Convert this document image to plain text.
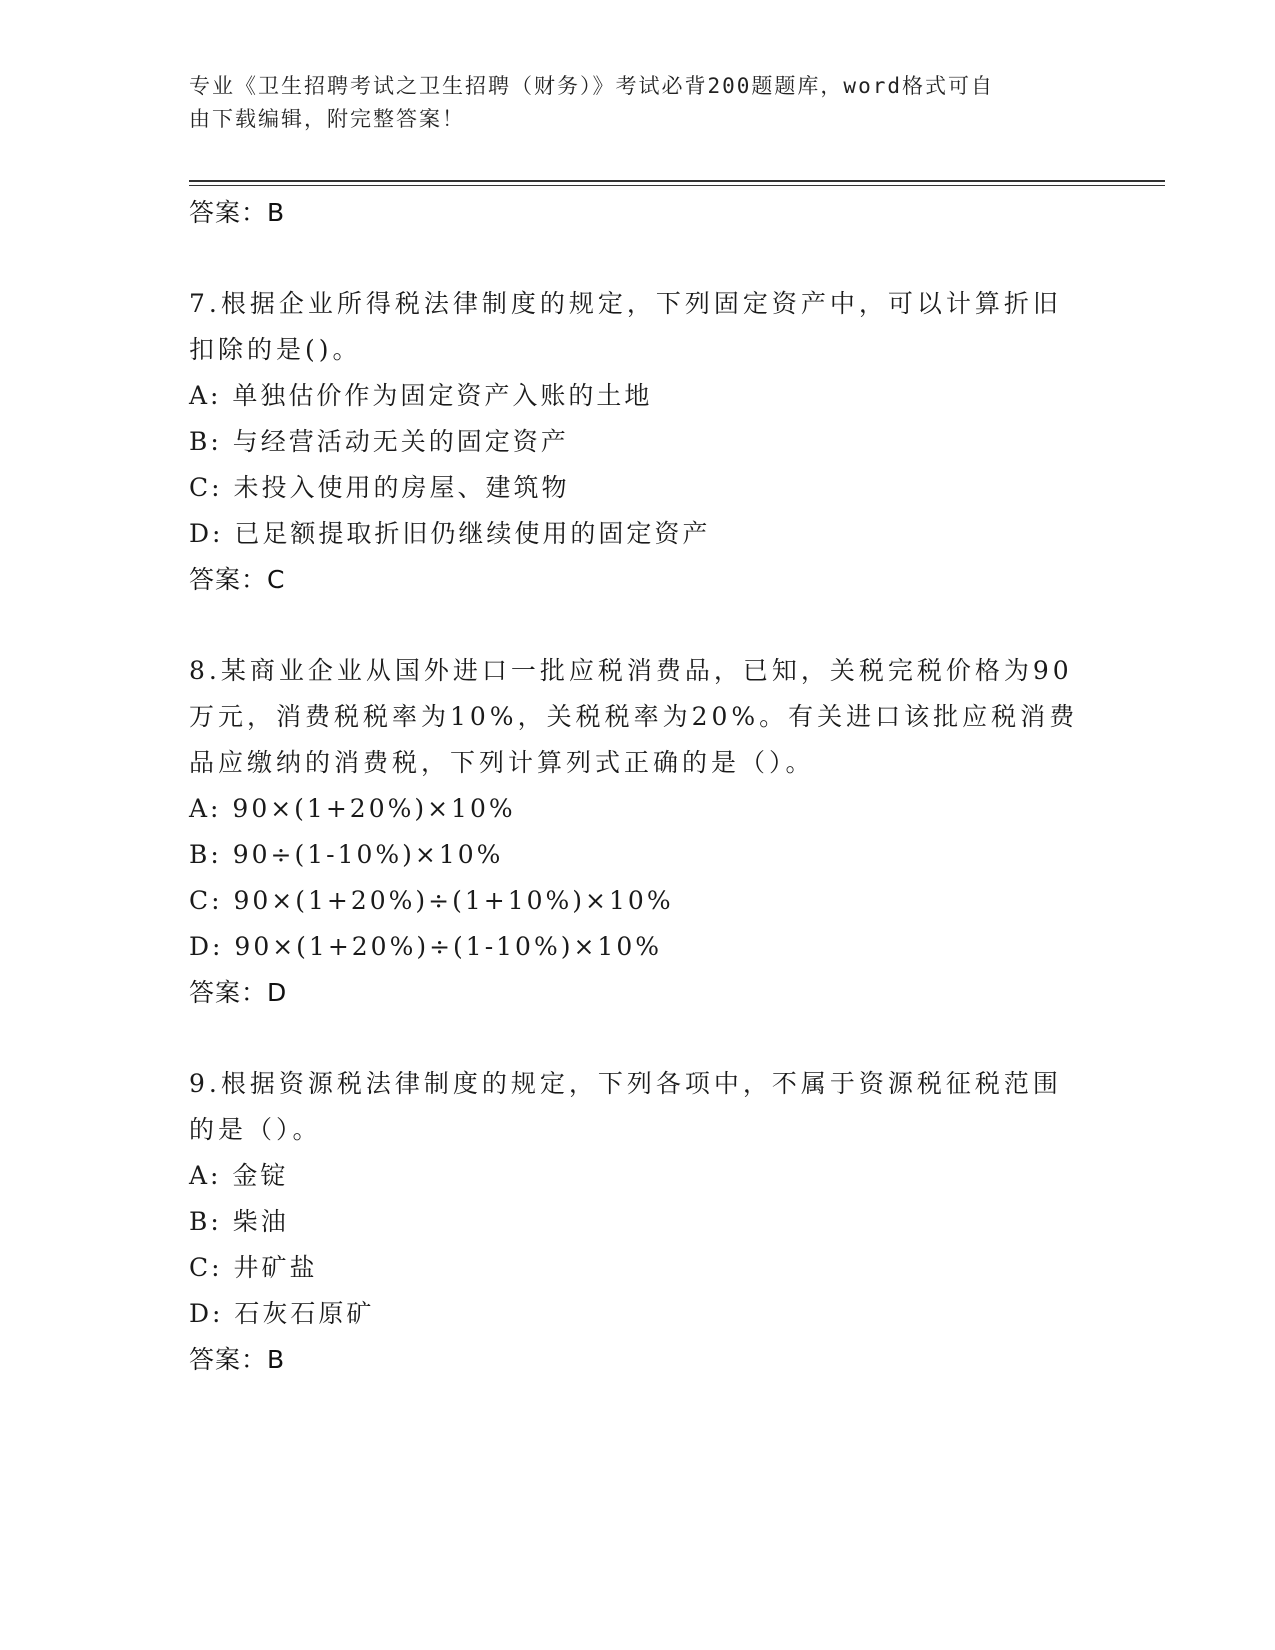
专业《卫生招聘考试之卫生招聘（财务）》考试必背200题题库，word格式可自
由下载编辑，附完整答案！
答案：B
7.根据企业所得税法律制度的规定，下列固定资产中，可以计算折旧
扣除的是()。
A: 单独估价作为固定资产入账的土地
B: 与经营活动无关的固定资产
C: 未投入使用的房屋、建筑物
D: 已足额提取折旧仍继续使用的固定资产
答案：C
8.某商业企业从国外进口一批应税消费品，已知，关税完税价格为90
万元，消费税税率为10%，关税税率为20%。有关进口该批应税消费
品应缴纳的消费税，下列计算列式正确的是（）。
A: 90×(1+20%)×10%
B: 90÷(1-10%)×10%
C: 90×(1+20%)÷(1+10%)×10%
D: 90×(1+20%)÷(1-10%)×10%
答案：D
9.根据资源税法律制度的规定，下列各项中，不属于资源税征税范围
的是（）。
A: 金锭
B: 柴油
C: 井矿盐
D: 石灰石原矿
答案：B
